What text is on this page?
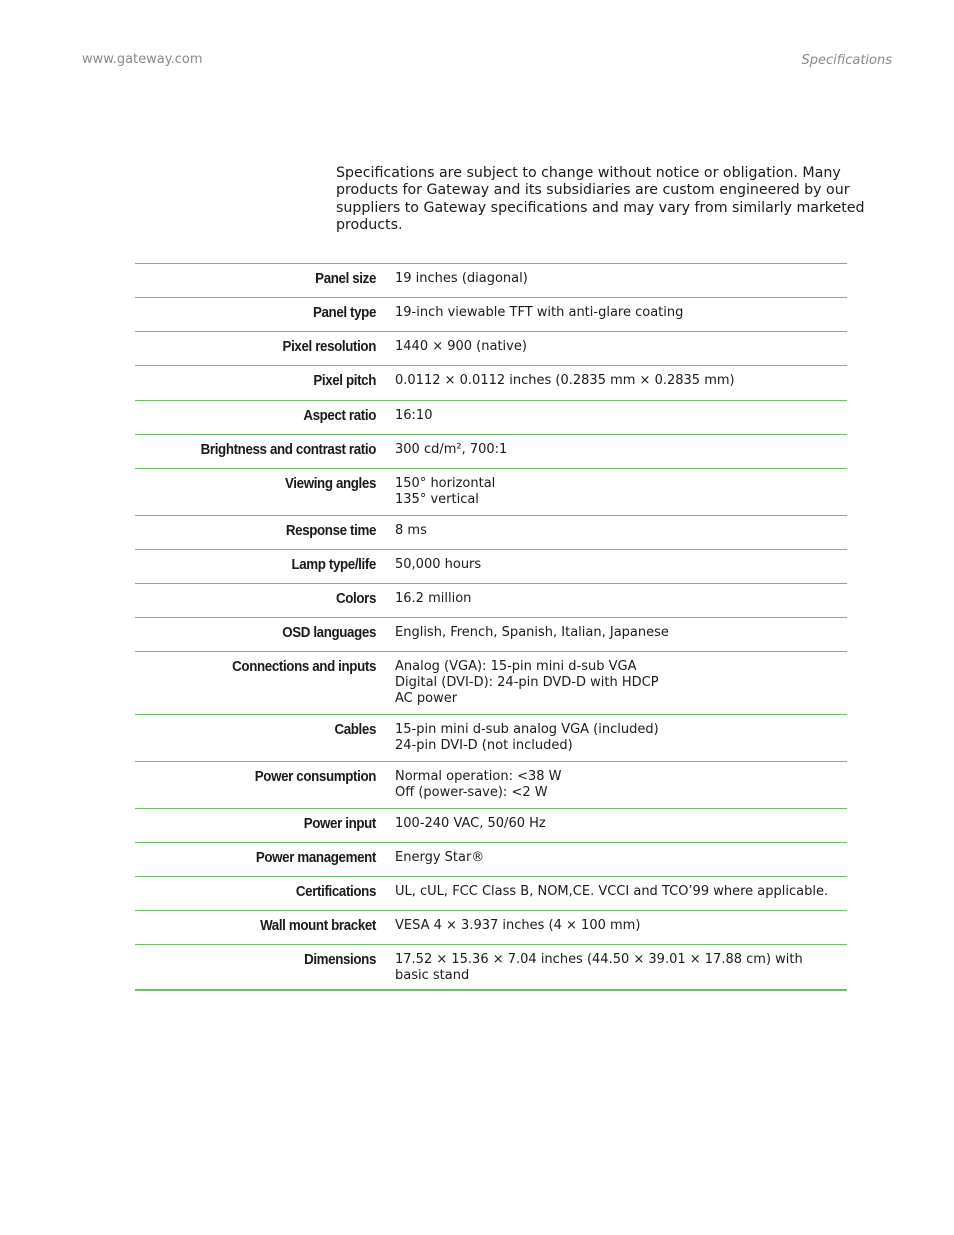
www.gateway.com	Specifications
Specifications are subject to change without notice or obligation. Many products for Gateway and its subsidiaries are custom engineered by our suppliers to Gateway specifications and may vary from similarly marketed products.
Panel size 19 inches (diagonal)
Panel type 19-inch viewable TFT with anti-glare coating
Pixel resolution 1440 × 900 (native)
Pixel pitch 0.0112 × 0.0112 inches (0.2835 mm × 0.2835 mm)
Aspect ratio 16:10
Brightness and contrast ratio 300 cd/m², 700:1
Viewing angles 150° horizontal
135° vertical
Response time 8 ms
Lamp type/life 50,000 hours
Colors 16.2 million
OSD languages English, French, Spanish, Italian, Japanese
Connections and inputs Analog (VGA): 15-pin mini d-sub VGA
Digital (DVI-D): 24-pin DVD-D with HDCP
AC power
Cables 15-pin mini d-sub analog VGA (included)
24-pin DVI-D (not included)
Power consumption Normal operation: <38 W
Off (power-save): <2 W
Power input 100-240 VAC, 50/60 Hz
Power management Energy Star®
Certifications UL, cUL, FCC Class B, NOM,CE. VCCI and TCO’99 where applicable.
Wall mount bracket VESA 4 × 3.937 inches (4 × 100 mm)
Dimensions 17.52 × 15.36 × 7.04 inches (44.50 × 39.01 × 17.88 cm) with
basic stand
